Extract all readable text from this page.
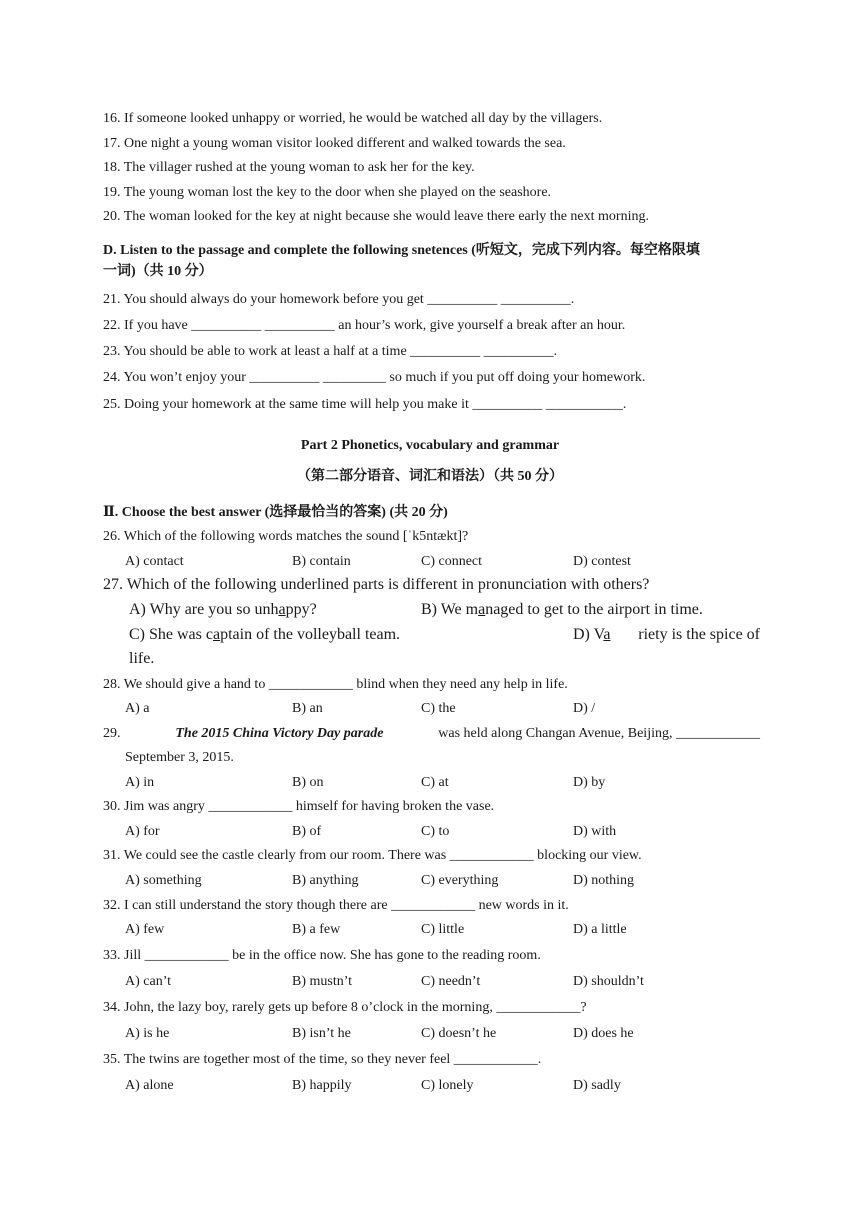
16. If someone looked unhappy or worried, he would be watched all day by the villagers.
17. One night a young woman visitor looked different and walked towards the sea.
18. The villager rushed at the young woman to ask her for the key.
19. The young woman lost the key to the door when she played on the seashore.
20. The woman looked for the key at night because she would leave there early the next morning.
D. Listen to the passage and complete the following snetences (听短文，完成下列内容。每空格限填
一词)（共 10 分）
21. You should always do your homework before you get __________ __________.
22. If you have __________ __________ an hour’s work, give yourself a break after an hour.
23. You should be able to work at least a half at a time __________ __________.
24. You won’t enjoy your __________ _________ so much if you put off doing your homework.
25. Doing your homework at the same time will help you make it __________ ___________.
Part 2 Phonetics, vocabulary and grammar
（第二部分语音、词汇和语法）（共 50 分）
Ⅱ. Choose the best answer (选择最恰当的答案) (共 20 分)
26. Which of the following words matches the sound [ˈk5ntækt]?
A) contact	B) contain	C) connect	D) contest
27. Which of the following underlined parts is different in pronunciation with others?
A) Why are you so unhappy?	B) We managed to get to the airport in time.
C) She was captain of the volleyball team.	D) Va riety is the spice of
life.
28. We should give a hand to ____________ blind when they need any help in life.
A) a	B) an	C) the	D) /
29.	The 2015 China Victory Day parade	was held along Changan Avenue, Beijing, ____________
September 3, 2015.
A) in	B) on	C) at	D) by
30. Jim was angry ____________ himself for having broken the vase.
A) for	B) of	C) to	D) with
31. We could see the castle clearly from our room. There was ____________ blocking our view.
A) something	B) anything	C) everything	D) nothing
32. I can still understand the story though there are ____________ new words in it.
A) few	B) a few	C) little	D) a little
33. Jill ____________ be in the office now. She has gone to the reading room.
A) can’t	B) mustn’t	C) needn’t	D) shouldn’t
34. John, the lazy boy, rarely gets up before 8 o’clock in the morning, ____________?
A) is he	B) isn’t he	C) doesn’t he	D) does he
35. The twins are together most of the time, so they never feel ____________.
A) alone	B) happily	C) lonely	D) sadly
